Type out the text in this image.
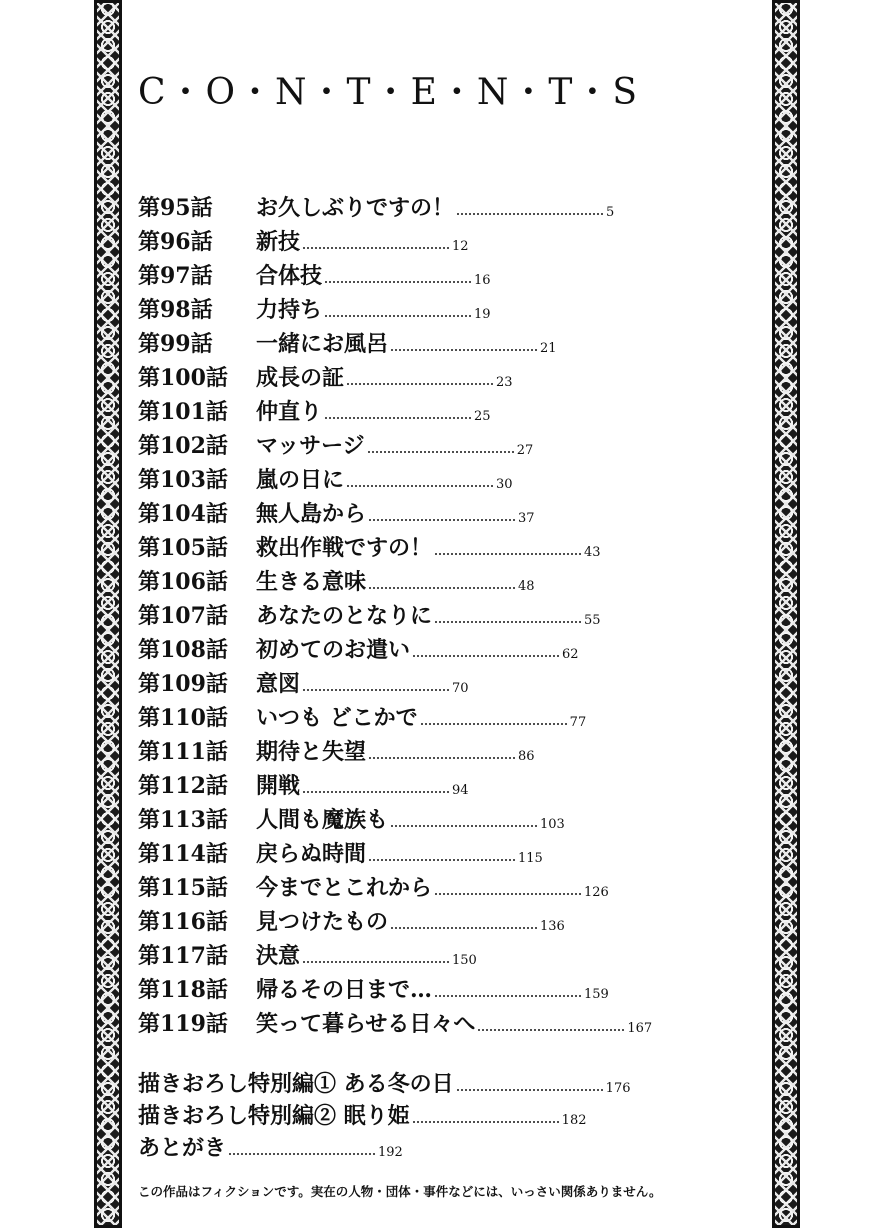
C・O・N・T・E・N・T・S
第95話	お久しぶりですの！	5
第96話	新技	12
第97話	合体技	16
第98話	力持ち	19
第99話	一緒にお風呂	21
第100話	成長の証	23
第101話	仲直り	25
第102話	マッサージ	27
第103話	嵐の日に	30
第104話	無人島から	37
第105話	救出作戦ですの！	43
第106話	生きる意味	48
第107話	あなたのとなりに	55
第108話	初めてのお遣い	62
第109話	意図	70
第110話	いつも どこかで	77
第111話	期待と失望	86
第112話	開戦	94
第113話	人間も魔族も	103
第114話	戻らぬ時間	115
第115話	今までとこれから	126
第116話	見つけたもの	136
第117話	決意	150
第118話	帰るその日まで…	159
第119話	笑って暮らせる日々へ	167
描きおろし特別編① ある冬の日	176
描きおろし特別編② 眠り姫	182
あとがき	192
この作品はフィクションです。実在の人物・団体・事件などには、いっさい関係ありません。
